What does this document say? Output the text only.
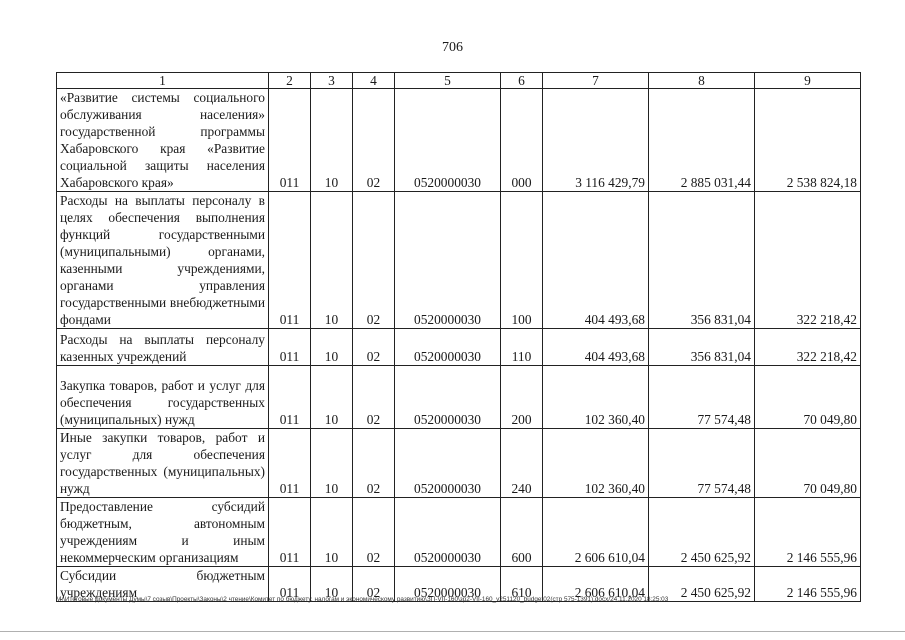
706
1	2	3	4	5	6	7	8	9
«Развитие системы социального обслуживания населения» государственной программы Хабаровского края «Развитие социальной защиты населения Хабаровского края»	011	10	02	0520000030	000	3 116 429,79	2 885 031,44	2 538 824,18
Расходы на выплаты персоналу в целях обеспечения выполнения функций государственными (муниципальными) органами, казенными учреждениями, органами управления государственными внебюджетными фондами	011	10	02	0520000030	100	404 493,68	356 831,04	322 218,42
Расходы на выплаты персоналу казенных учреждений	011	10	02	0520000030	110	404 493,68	356 831,04	322 218,42
Закупка товаров, работ и услуг для обеспечения государственных (муниципальных) нужд	011	10	02	0520000030	200	102 360,40	77 574,48	70 049,80
Иные закупки товаров, работ и услуг для обеспечения государственных (муниципальных) нужд	011	10	02	0520000030	240	102 360,40	77 574,48	70 049,80
Предоставление субсидий бюджетным, автономным учреждениям и иным некоммерческим организациям	011	10	02	0520000030	600	2 606 610,04	2 450 625,92	2 146 555,96
Субсидии бюджетным учреждениям	011	10	02	0520000030	610	2 606 610,04	2 450 625,92	2 146 555,96
M:\Итоговые документы Думы\7 созыв\Проекты\Законы\2 чтение\Комитет по бюджету, налогам и экономическому развитию\ЗП-VII-160\зр2-VII-160_v251120_budget02(стр 575-1391).docx/24.11.2020 18:25:03
